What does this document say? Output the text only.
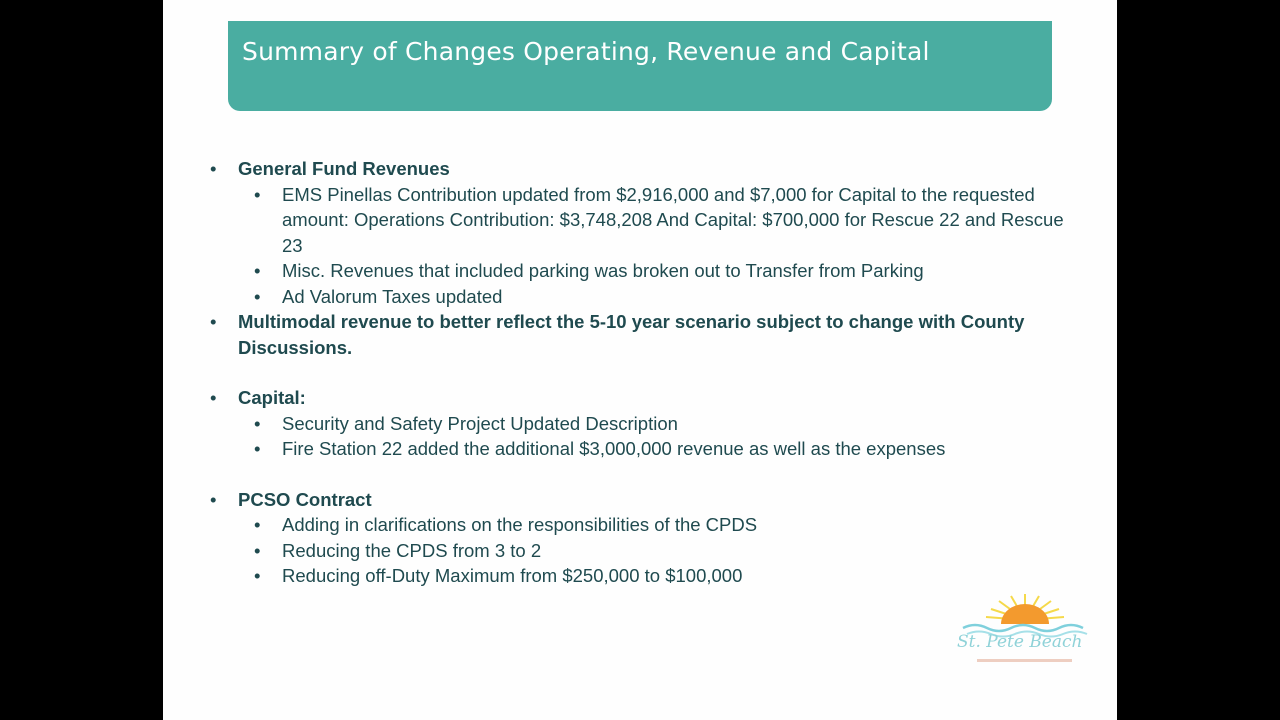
Summary of Changes Operating, Revenue and Capital
• General Fund Revenues
• EMS Pinellas Contribution updated from $2,916,000 and $7,000 for Capital to the requested amount: Operations Contribution: $3,748,208 And Capital: $700,000 for Rescue 22 and Rescue 23
• Misc. Revenues that included parking was broken out to Transfer from Parking
• Ad Valorum Taxes updated
• Multimodal revenue to better reflect the 5-10 year scenario subject to change with County Discussions.
• Capital:
• Security and Safety Project Updated Description
• Fire Station 22 added the additional $3,000,000 revenue as well as the expenses
• PCSO Contract
• Adding in clarifications on the responsibilities of the CPDS
• Reducing the CPDS from 3 to 2
• Reducing off-Duty Maximum from $250,000 to $100,000
St. Pete Beach
